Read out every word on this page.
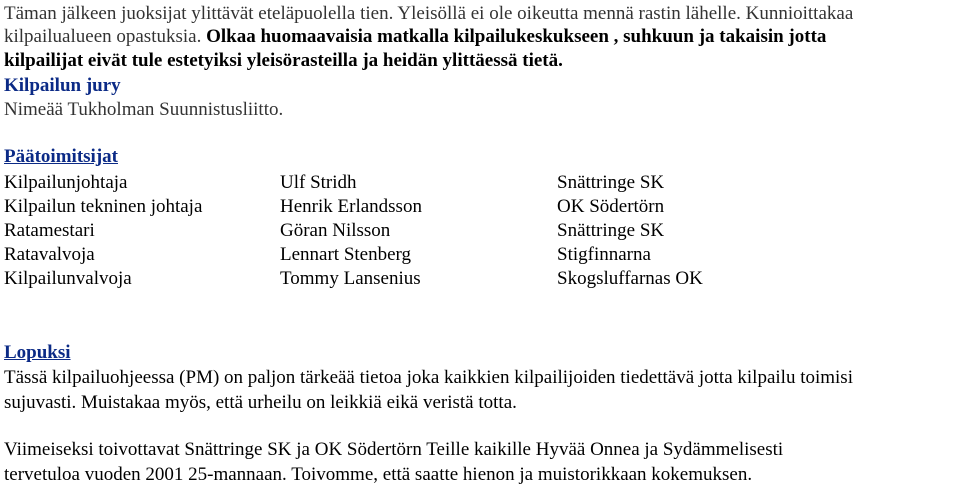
Täman jälkeen juoksijat ylittävät eteläpuolella tien. Yleisöllä ei ole oikeutta mennä rastin lähelle. Kunnioittakaa
kilpailualueen opastuksia. Olkaa huomaavaisia matkalla kilpailukeskukseen , suhkuun ja takaisin jotta
kilpailijat eivät tule estetyiksi yleisörasteilla ja heidän ylittäessä tietä.
Kilpailun jury
Nimeää Tukholman Suunnistusliitto.
Päätoimitsijat
Kilpailunjohtaja	Ulf Stridh	Snättringe SK
Kilpailun tekninen johtaja	Henrik Erlandsson	OK Södertörn
Ratamestari	Göran Nilsson	Snättringe SK
Ratavalvoja	Lennart Stenberg	Stigfinnarna
Kilpailunvalvoja	Tommy Lansenius	Skogsluffarnas OK
Lopuksi
Tässä kilpailuohjeessa (PM) on paljon tärkeää tietoa joka kaikkien kilpailijoiden tiedettävä jotta kilpailu toimisi
sujuvasti. Muistakaa myös, että urheilu on leikkiä eikä veristä totta.
Viimeiseksi toivottavat Snättringe SK ja OK Södertörn Teille kaikille Hyvää Onnea ja Sydämmelisesti
tervetuloa vuoden 2001 25-mannaan. Toivomme, että saatte hienon ja muistorikkaan kokemuksen.
